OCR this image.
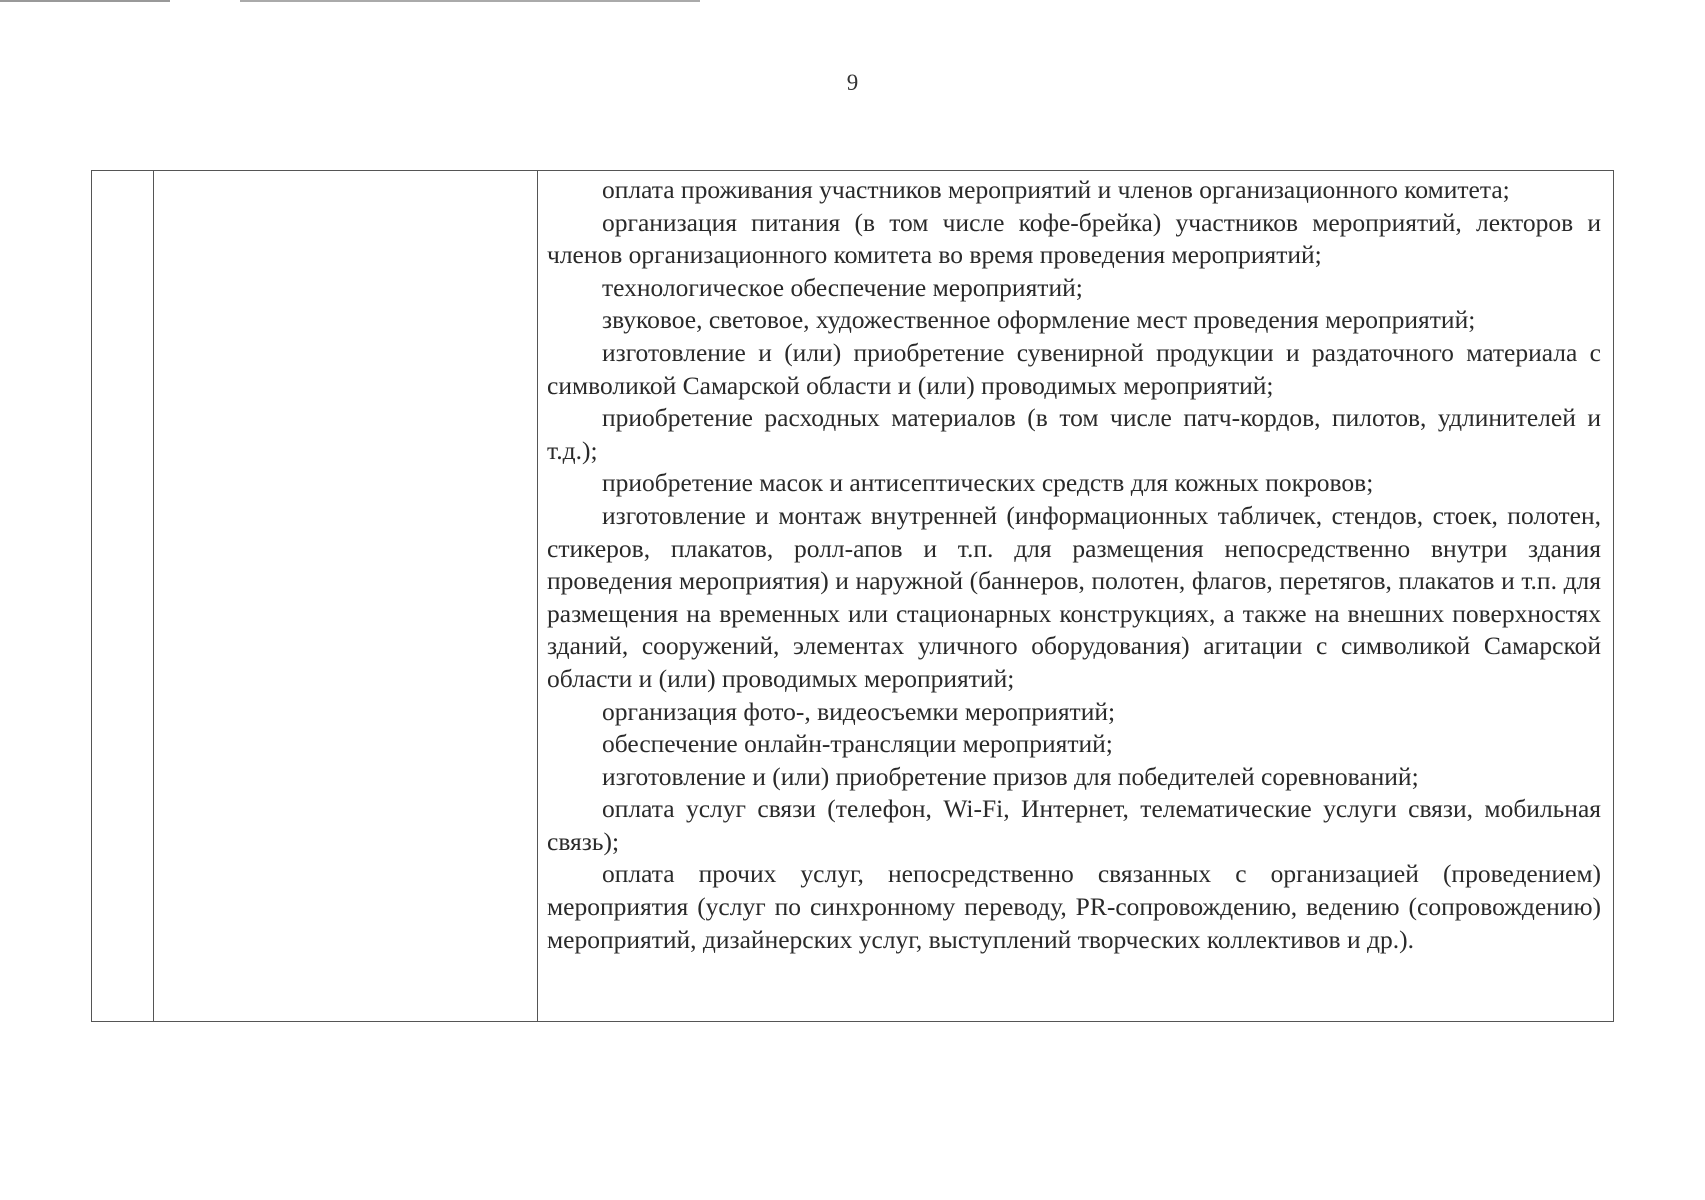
9

оплата проживания участников мероприятий и членов организационного комитета;

организация питания (в том числе кофе-брейка) участников мероприятий, лекторов и членов организационного комитета во время проведения мероприятий;

технологическое обеспечение мероприятий;

звуковое, световое, художественное оформление мест проведения мероприятий;

изготовление и (или) приобретение сувенирной продукции и раздаточного материала с символикой Самарской области и (или) проводимых мероприятий;

приобретение расходных материалов (в том числе патч-кордов, пилотов, удлинителей и т.д.);

приобретение масок и антисептических средств для кожных покровов;

изготовление и монтаж внутренней (информационных табличек, стендов, стоек, полотен, стикеров, плакатов, ролл-апов и т.п. для размещения непосредственно внутри здания проведения мероприятия) и наружной (баннеров, полотен, флагов, перетягов, плакатов и т.п. для размещения на временных или стационарных конструкциях, а также на внешних поверхностях зданий, сооружений, элементах уличного оборудования) агитации с символикой Самарской области и (или) проводимых мероприятий;

организация фото-, видеосъемки мероприятий;

обеспечение онлайн-трансляции мероприятий;

изготовление и (или) приобретение призов для победителей соревнований;

оплата услуг связи (телефон, Wi-Fi, Интернет, телематические услуги связи, мобильная связь);

оплата прочих услуг, непосредственно связанных с организацией (проведением) мероприятия (услуг по синхронному переводу, PR-сопровождению, ведению (сопровождению) мероприятий, дизайнерских услуг, выступлений творческих коллективов и др.).
